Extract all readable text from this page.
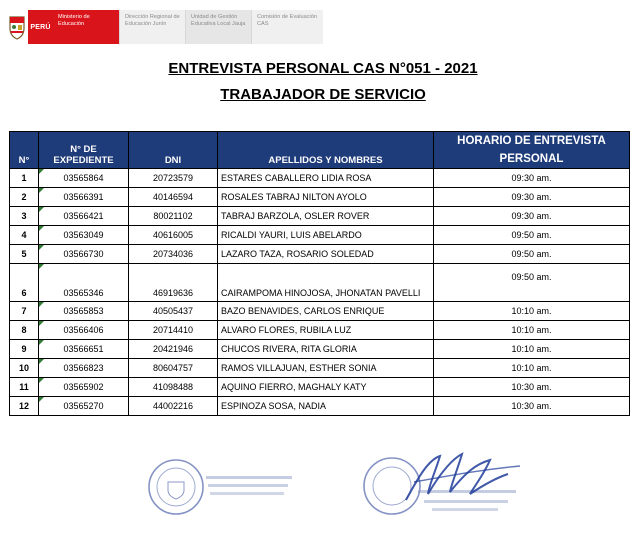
PERÚ
Ministerio de Educación
Dirección Regional de Educación Junín
Unidad de Gestión Educativa Local Jauja
Comisión de Evaluación CAS
ENTREVISTA PERSONAL CAS N°051 - 2021
TRABAJADOR DE SERVICIO
N°	N° DE EXPEDIENTE	DNI	APELLIDOS Y NOMBRES	HORARIO DE ENTREVISTA PERSONAL
1	03565864	20723579	ESTARES CABALLERO LIDIA ROSA	09:30 am.
2	03566391	40146594	ROSALES TABRAJ NILTON AYOLO	09:30 am.
3	03566421	80021102	TABRAJ BARZOLA, OSLER ROVER	09:30 am.
4	03563049	40616005	RICALDI YAURI, LUIS ABELARDO	09:50 am.
5	03566730	20734036	LAZARO TAZA, ROSARIO SOLEDAD	09:50 am.
6	03565346	46919636	CAIRAMPOMA HINOJOSA, JHONATAN PAVELLI	09:50 am.
7	03565853	40505437	BAZO BENAVIDES, CARLOS ENRIQUE	10:10 am.
8	03566406	20714410	ALVARO FLORES, RUBILA LUZ	10:10 am.
9	03566651	20421946	CHUCOS RIVERA, RITA GLORIA	10:10 am.
10	03566823	80604757	RAMOS VILLAJUAN, ESTHER SONIA	10:10 am.
11	03565902	41098488	AQUINO FIERRO, MAGHALY KATY	10:30 am.
12	03565270	44002216	ESPINOZA SOSA, NADIA	10:30 am.
